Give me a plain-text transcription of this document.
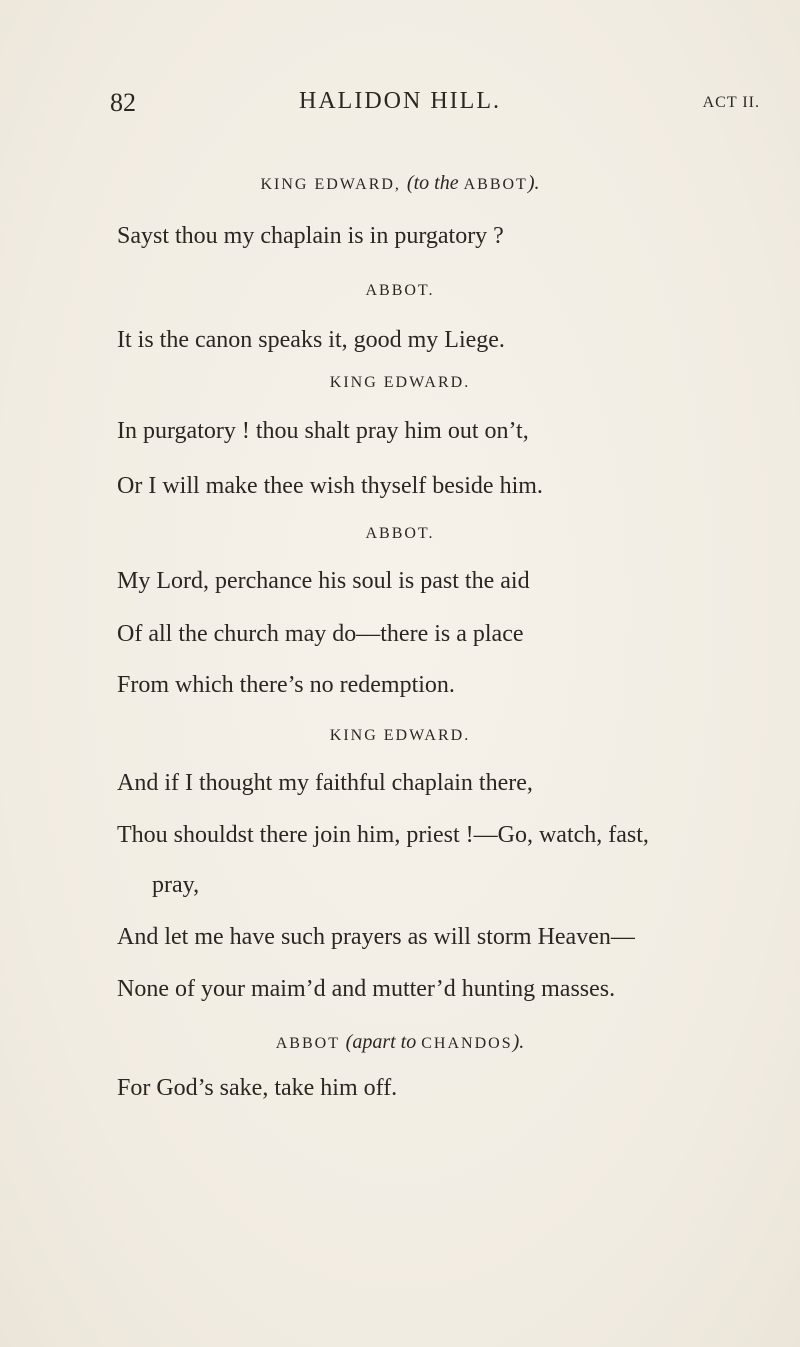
82	HALIDON HILL.	ACT II.
KING EDWARD, (to the ABBOT).
Sayst thou my chaplain is in purgatory ?
ABBOT.
It is the canon speaks it, good my Liege.
KING EDWARD.
In purgatory ! thou shalt pray him out on’t,
Or I will make thee wish thyself beside him.
ABBOT.
My Lord, perchance his soul is past the aid
Of all the church may do—there is a place
From which there’s no redemption.
KING EDWARD.
And if I thought my faithful chaplain there,
Thou shouldst there join him, priest !—Go, watch, fast,
pray,
And let me have such prayers as will storm Heaven—
None of your maim’d and mutter’d hunting masses.
ABBOT (apart to CHANDOS).
For God’s sake, take him off.
